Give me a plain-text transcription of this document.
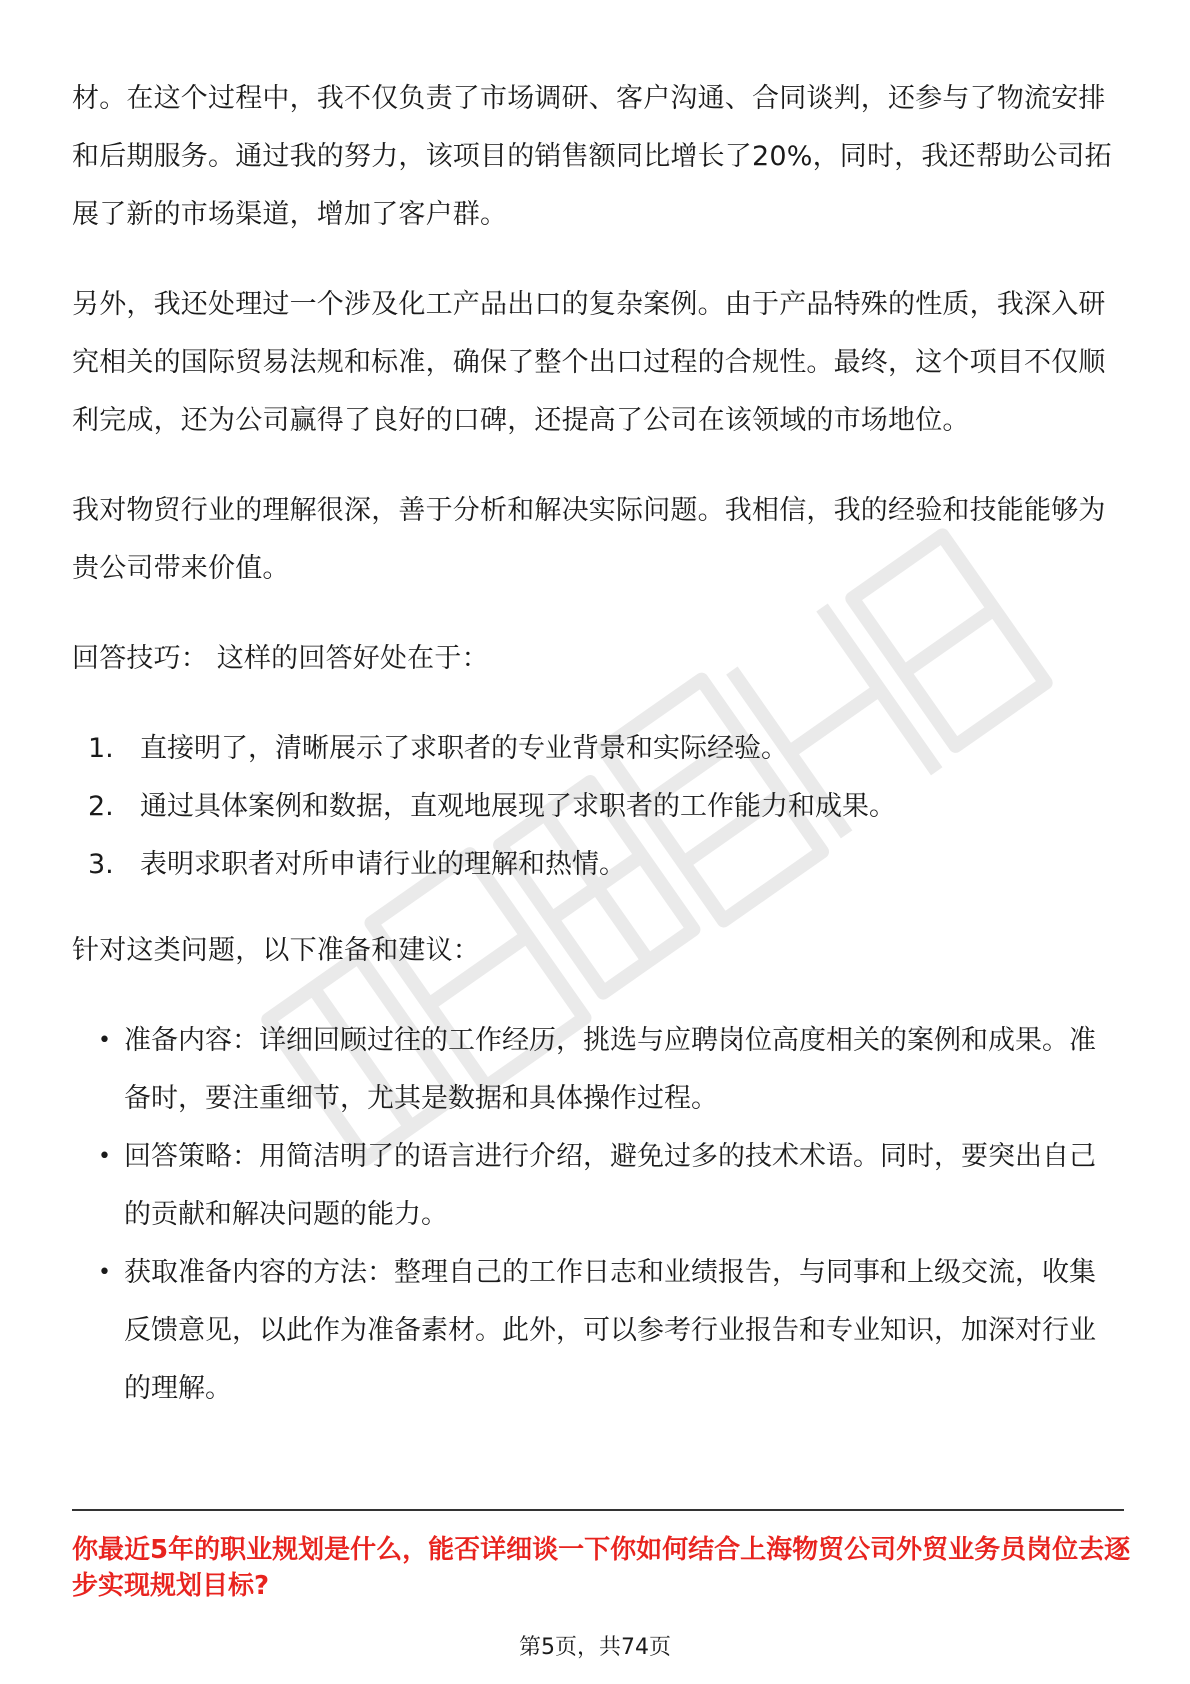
材。在这个过程中，我不仅负责了市场调研、客户沟通、合同谈判，还参与了物流安排和后期服务。通过我的努力，该项目的销售额同比增长了20%，同时，我还帮助公司拓展了新的市场渠道，增加了客户群。

另外，我还处理过一个涉及化工产品出口的复杂案例。由于产品特殊的性质，我深入研究相关的国际贸易法规和标准，确保了整个出口过程的合规性。最终，这个项目不仅顺利完成，还为公司赢得了良好的口碑，还提高了公司在该领域的市场地位。

我对物贸行业的理解很深，善于分析和解决实际问题。我相信，我的经验和技能能够为贵公司带来价值。

回答技巧： 这样的回答好处在于：

1. 直接明了，清晰展示了求职者的专业背景和实际经验。
2. 通过具体案例和数据，直观地展现了求职者的工作能力和成果。
3. 表明求职者对所申请行业的理解和热情。

针对这类问题，以下准备和建议：

• 准备内容：详细回顾过往的工作经历，挑选与应聘岗位高度相关的案例和成果。准备时，要注重细节，尤其是数据和具体操作过程。
• 回答策略：用简洁明了的语言进行介绍，避免过多的技术术语。同时，要突出自己的贡献和解决问题的能力。
• 获取准备内容的方法：整理自己的工作日志和业绩报告，与同事和上级交流，收集反馈意见，以此作为准备素材。此外，可以参考行业报告和专业知识，加深对行业的理解。
你最近5年的职业规划是什么，能否详细谈一下你如何结合上海物贸公司外贸业务员岗位去逐步实现规划目标?
第5页，共74页
